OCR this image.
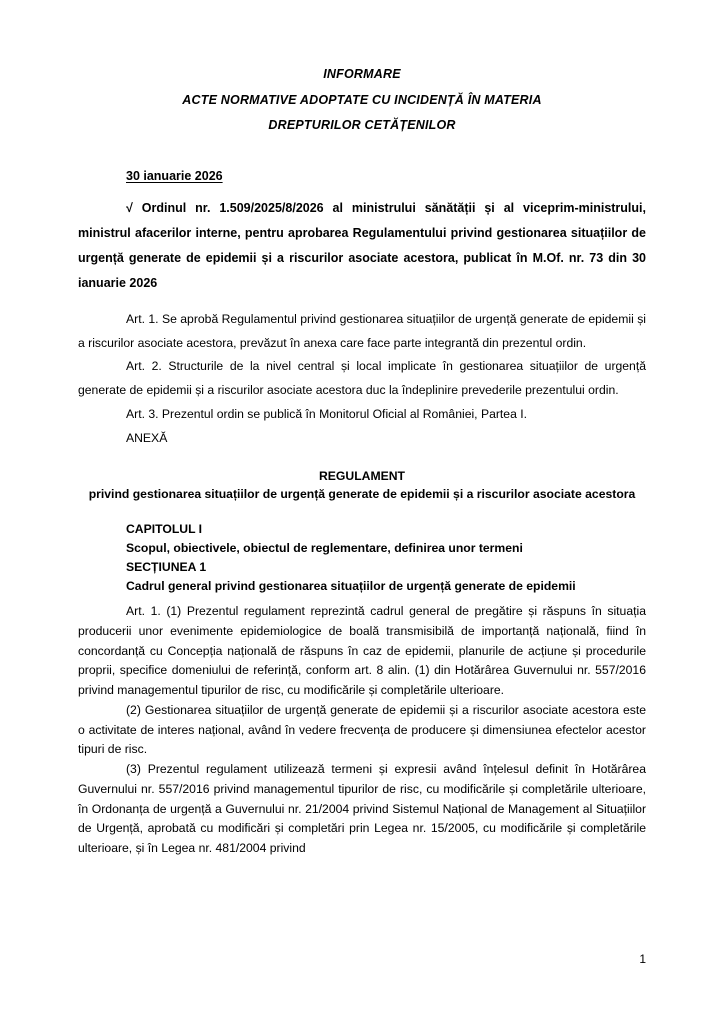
INFORMARE
ACTE NORMATIVE ADOPTATE CU INCIDENȚĂ ÎN MATERIA
DREPTURILOR CETĂȚENILOR
30 ianuarie 2026
√ Ordinul nr. 1.509/2025/8/2026 al ministrului sănătății și al viceprim-ministrului, ministrul afacerilor interne, pentru aprobarea Regulamentului privind gestionarea situațiilor de urgență generate de epidemii și a riscurilor asociate acestora, publicat în M.Of. nr. 73 din 30 ianuarie 2026

Art. 1. Se aprobă Regulamentul privind gestionarea situațiilor de urgență generate de epidemii și a riscurilor asociate acestora, prevăzut în anexa care face parte integrantă din prezentul ordin.

Art. 2. Structurile de la nivel central și local implicate în gestionarea situațiilor de urgență generate de epidemii și a riscurilor asociate acestora duc la îndeplinire prevederile prezentului ordin.

Art. 3. Prezentul ordin se publică în Monitorul Oficial al României, Partea I.

ANEXĂ
REGULAMENT
privind gestionarea situațiilor de urgență generate de epidemii și a riscurilor asociate acestora
CAPITOLUL I
Scopul, obiectivele, obiectul de reglementare, definirea unor termeni
SECȚIUNEA 1
Cadrul general privind gestionarea situațiilor de urgență generate de epidemii

Art. 1. (1) Prezentul regulament reprezintă cadrul general de pregătire și răspuns în situația producerii unor evenimente epidemiologice de boală transmisibilă de importanță națională, fiind în concordanță cu Concepția națională de răspuns în caz de epidemii, planurile de acțiune și procedurile proprii, specifice domeniului de referință, conform art. 8 alin. (1) din Hotărârea Guvernului nr. 557/2016 privind managementul tipurilor de risc, cu modificările și completările ulterioare.

(2) Gestionarea situațiilor de urgență generate de epidemii și a riscurilor asociate acestora este o activitate de interes național, având în vedere frecvența de producere și dimensiunea efectelor acestor tipuri de risc.

(3) Prezentul regulament utilizează termeni și expresii având înțelesul definit în Hotărârea Guvernului nr. 557/2016 privind managementul tipurilor de risc, cu modificările și completările ulterioare, în Ordonanța de urgență a Guvernului nr. 21/2004 privind Sistemul Național de Management al Situațiilor de Urgență, aprobată cu modificări și completări prin Legea nr. 15/2005, cu modificările și completările ulterioare, și în Legea nr. 481/2004 privind

1
